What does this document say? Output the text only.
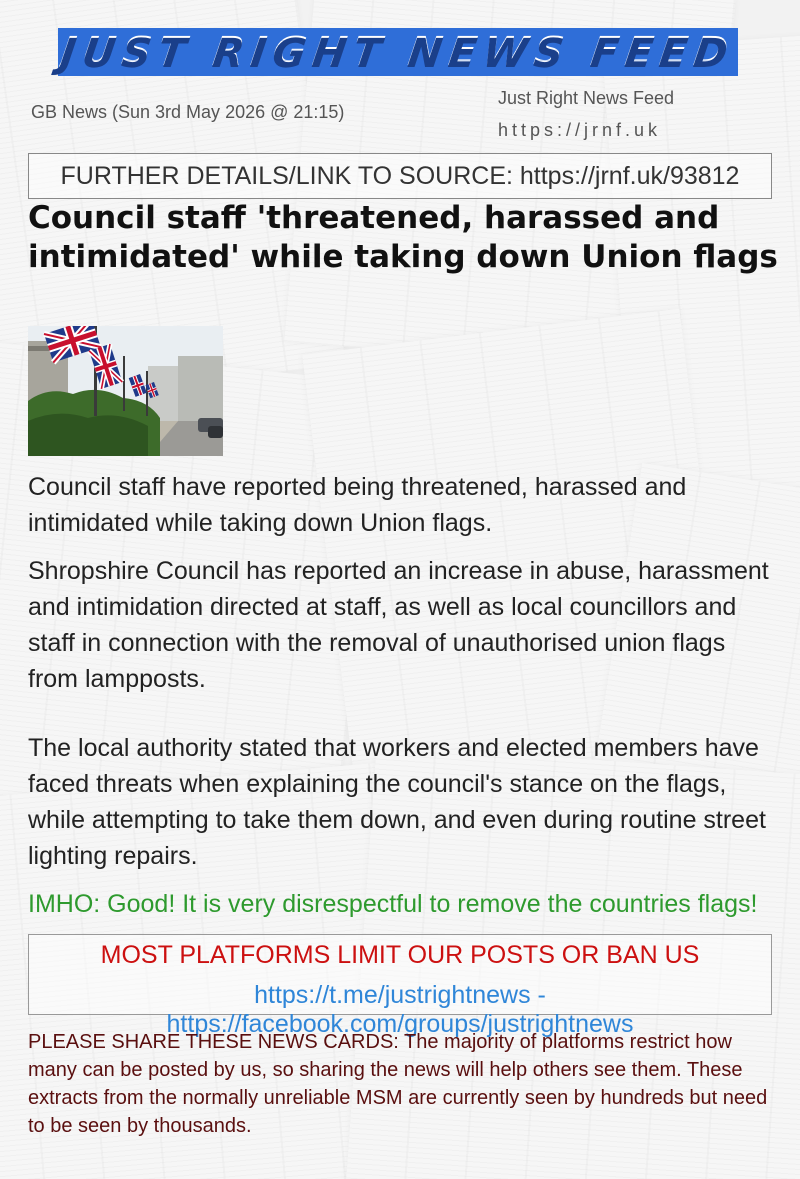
JUST RIGHT NEWS FEED
GB News (Sun 3rd May 2026 @ 21:15)
Just Right News Feed
https://jrnf.uk
FURTHER DETAILS/LINK TO SOURCE: https://jrnf.uk/93812
Council staff 'threatened, harassed and intimidated' while taking down Union flags

Council staff have reported being threatened, harassed and intimidated while taking down Union flags.

Shropshire Council has reported an increase in abuse, harassment and intimidation directed at staff, as well as local councillors and staff in connection with the removal of unauthorised union flags from lampposts.

The local authority stated that workers and elected members have faced threats when explaining the council's stance on the flags, while attempting to take them down, and even during routine street lighting repairs.

IMHO: Good! It is very disrespectful to remove the countries flags!

MOST PLATFORMS LIMIT OUR POSTS OR BAN US
https://t.me/justrightnews - https://facebook.com/groups/justrightnews

PLEASE SHARE THESE NEWS CARDS: The majority of platforms restrict how many can be posted by us, so sharing the news will help others see them. These extracts from the normally unreliable MSM are currently seen by hundreds but need to be seen by thousands.
